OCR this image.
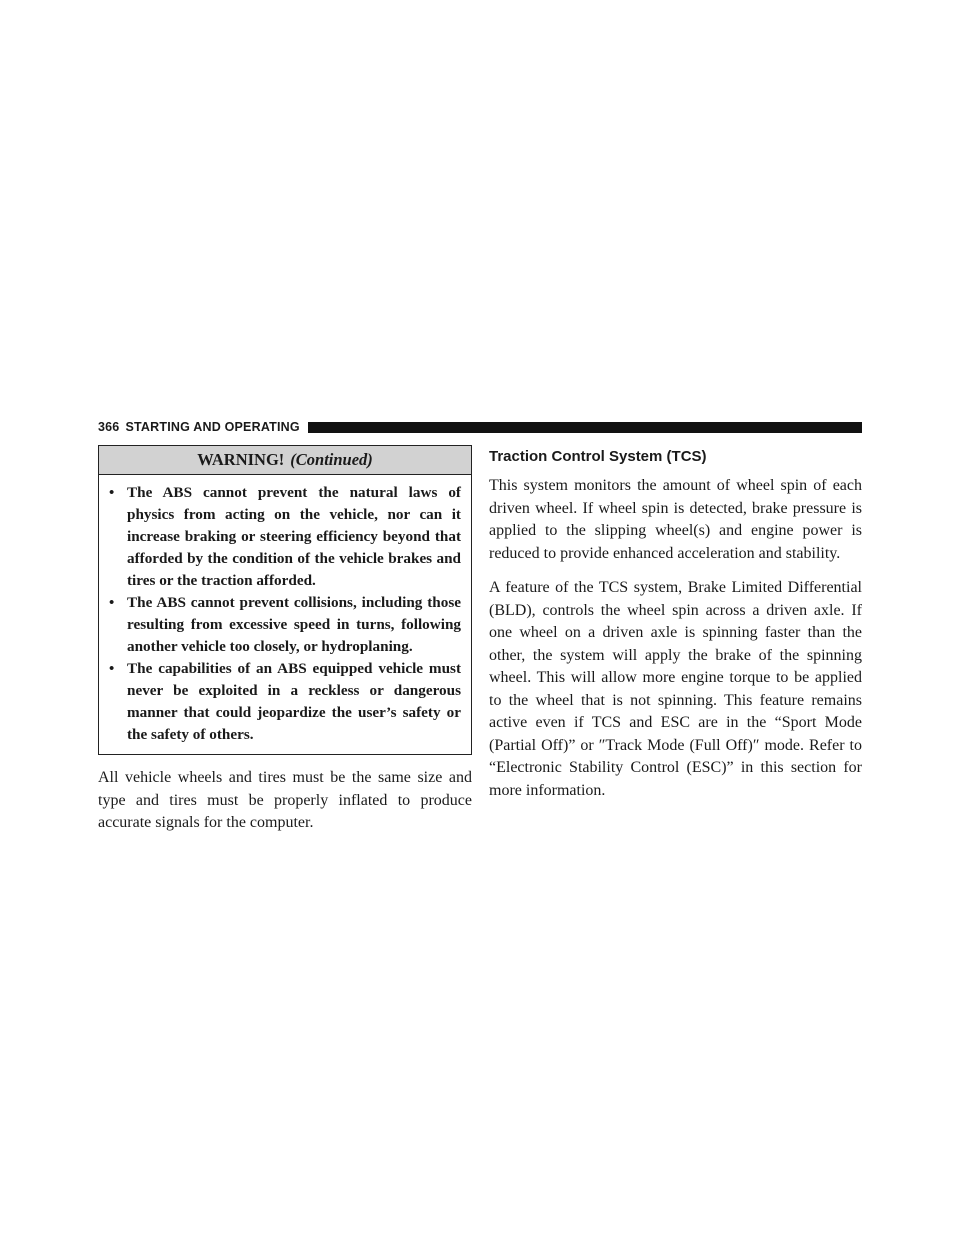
366 STARTING AND OPERATING
WARNING! (Continued)
• The ABS cannot prevent the natural laws of physics from acting on the vehicle, nor can it increase braking or steering efficiency beyond that afforded by the condition of the vehicle brakes and tires or the traction afforded.
• The ABS cannot prevent collisions, including those resulting from excessive speed in turns, following another vehicle too closely, or hydroplaning.
• The capabilities of an ABS equipped vehicle must never be exploited in a reckless or dangerous manner that could jeopardize the user’s safety or the safety of others.

All vehicle wheels and tires must be the same size and type and tires must be properly inflated to produce accurate signals for the computer.

Traction Control System (TCS)

This system monitors the amount of wheel spin of each driven wheel. If wheel spin is detected, brake pressure is applied to the slipping wheel(s) and engine power is reduced to provide enhanced acceleration and stability.

A feature of the TCS system, Brake Limited Differential (BLD), controls the wheel spin across a driven axle. If one wheel on a driven axle is spinning faster than the other, the system will apply the brake of the spinning wheel. This will allow more engine torque to be applied to the wheel that is not spinning. This feature remains active even if TCS and ESC are in the “Sport Mode (Partial Off)” or ″Track Mode (Full Off)″ mode. Refer to “Electronic Stability Control (ESC)” in this section for more information.
